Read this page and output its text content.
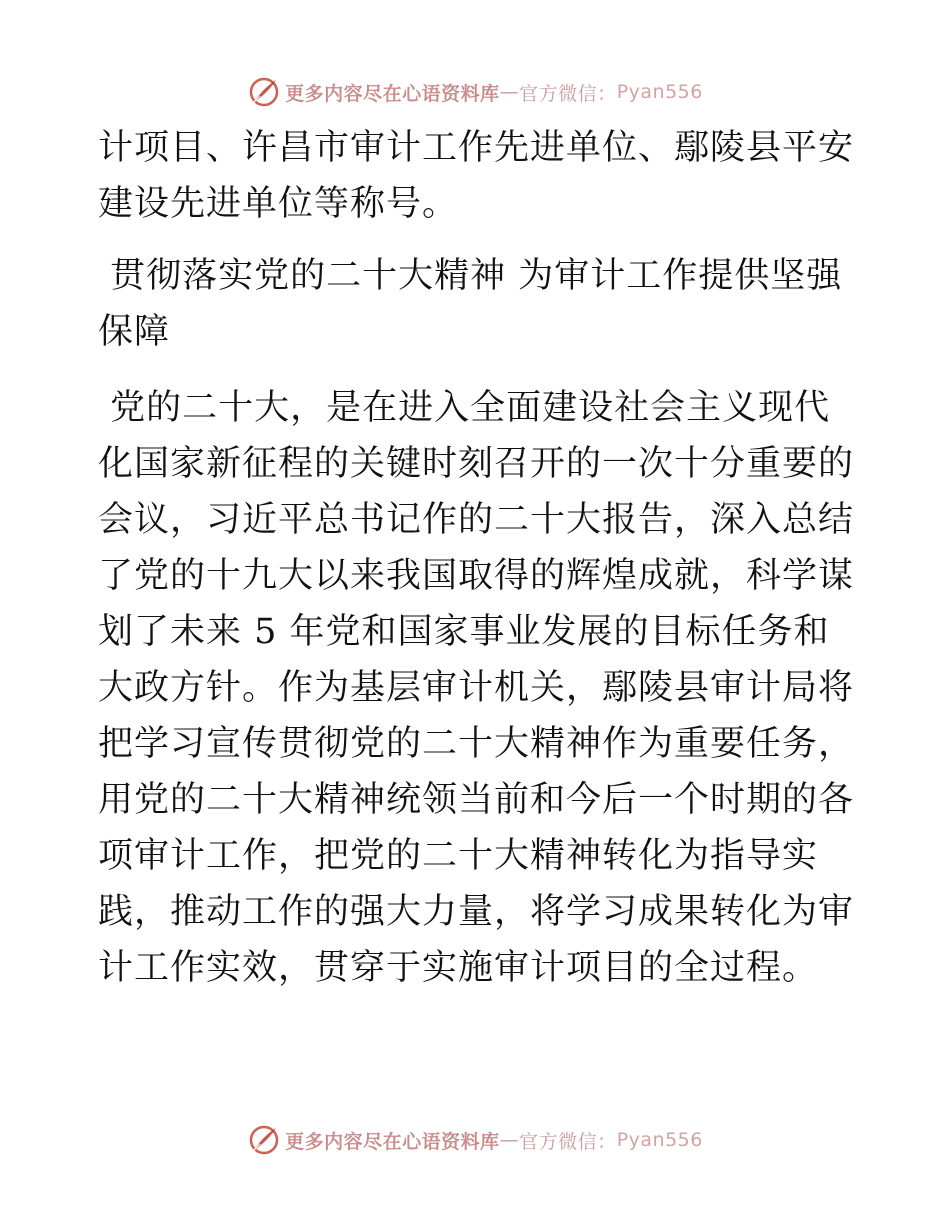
更多内容尽在心语资料库 — 官方微信： Pyan556

计项目、许昌市审计工作先进单位、鄢陵县平安建设先进单位等称号。

贯彻落实党的二十大精神 为审计工作提供坚强保障

党的二十大，是在进入全面建设社会主义现代化国家新征程的关键时刻召开的一次十分重要的会议，习近平总书记作的二十大报告，深入总结了党的十九大以来我国取得的辉煌成就，科学谋划了未来 5 年党和国家事业发展的目标任务和大政方针。作为基层审计机关，鄢陵县审计局将把学习宣传贯彻党的二十大精神作为重要任务，用党的二十大精神统领当前和今后一个时期的各项审计工作，把党的二十大精神转化为指导实践，推动工作的强大力量，将学习成果转化为审计工作实效，贯穿于实施审计项目的全过程。

更多内容尽在心语资料库 — 官方微信： Pyan556
